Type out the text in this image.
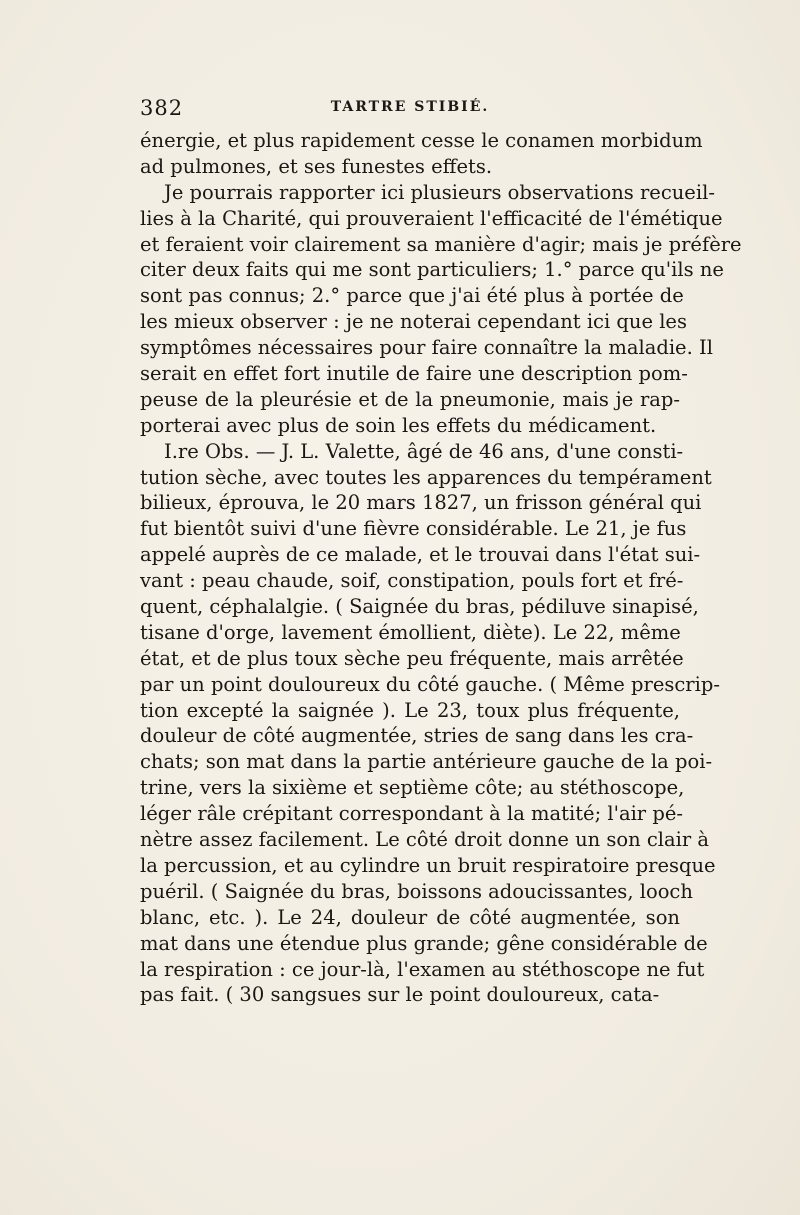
382	TARTRE STIBIÉ.
énergie, et plus rapidement cesse le conamen morbidum
ad pulmones, et ses funestes effets.
Je pourrais rapporter ici plusieurs observations recueil-
lies à la Charité, qui prouveraient l'efficacité de l'émétique
et feraient voir clairement sa manière d'agir; mais je préfère
citer deux faits qui me sont particuliers; 1.° parce qu'ils ne
sont pas connus; 2.° parce que j'ai été plus à portée de
les mieux observer : je ne noterai cependant ici que les
symptômes nécessaires pour faire connaître la maladie. Il
serait en effet fort inutile de faire une description pom-
peuse de la pleurésie et de la pneumonie, mais je rap-
porterai avec plus de soin les effets du médicament.
I.re Obs. — J. L. Valette, âgé de 46 ans, d'une consti-
tution sèche, avec toutes les apparences du tempérament
bilieux, éprouva, le 20 mars 1827, un frisson général qui
fut bientôt suivi d'une fièvre considérable. Le 21, je fus
appelé auprès de ce malade, et le trouvai dans l'état sui-
vant : peau chaude, soif, constipation, pouls fort et fré-
quent, céphalalgie. ( Saignée du bras, pédiluve sinapisé,
tisane d'orge, lavement émollient, diète). Le 22, même
état, et de plus toux sèche peu fréquente, mais arrêtée
par un point douloureux du côté gauche. ( Même prescrip-
tion excepté la saignée ). Le 23, toux plus fréquente,
douleur de côté augmentée, stries de sang dans les cra-
chats; son mat dans la partie antérieure gauche de la poi-
trine, vers la sixième et septième côte; au stéthoscope,
léger râle crépitant correspondant à la matité; l'air pé-
nètre assez facilement. Le côté droit donne un son clair à
la percussion, et au cylindre un bruit respiratoire presque
puéril. ( Saignée du bras, boissons adoucissantes, looch
blanc, etc. ). Le 24, douleur de côté augmentée, son
mat dans une étendue plus grande; gêne considérable de
la respiration : ce jour-là, l'examen au stéthoscope ne fut
pas fait. ( 30 sangsues sur le point douloureux, cata-
